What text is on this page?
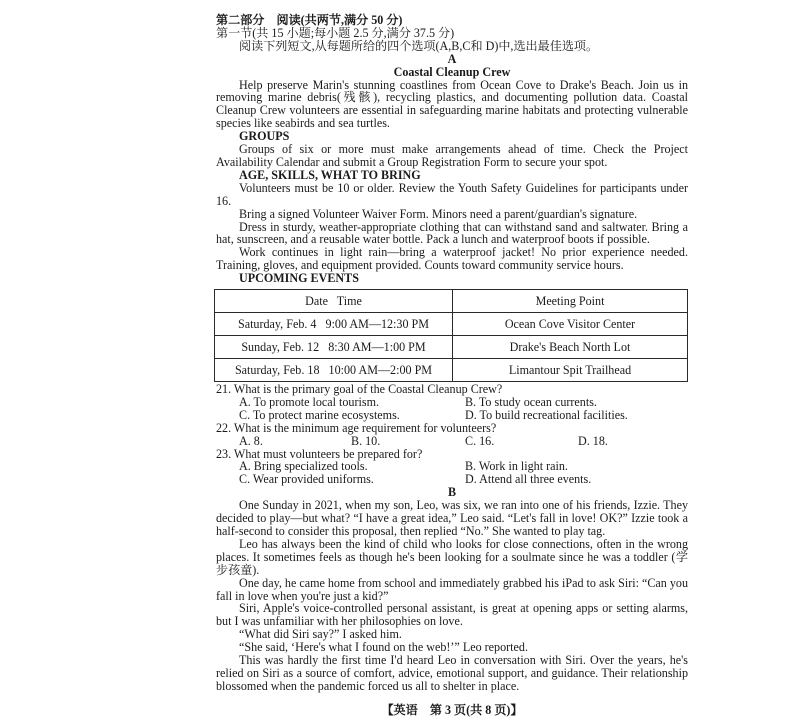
第二部分　阅读(共两节,满分 50 分)
第一节(共 15 小题;每小题 2.5 分,满分 37.5 分)
阅读下列短文,从每题所给的四个选项(A,B,C和 D)中,选出最佳选项。
A
Coastal Cleanup Crew

Help preserve Marin's stunning coastlines from Ocean Cove to Drake's Beach. Join us in removing marine debris(残骸), recycling plastics, and documenting pollution data. Coastal Cleanup Crew volunteers are essential in safeguarding marine habitats and protecting vulnerable species like seabirds and sea turtles.

GROUPS

Groups of six or more must make arrangements ahead of time. Check the Project Availability Calendar and submit a Group Registration Form to secure your spot.

AGE, SKILLS, WHAT TO BRING

Volunteers must be 10 or older. Review the Youth Safety Guidelines for participants under 16.

Bring a signed Volunteer Waiver Form. Minors need a parent/guardian's signature.

Dress in sturdy, weather-appropriate clothing that can withstand sand and saltwater. Bring a hat, sunscreen, and a reusable water bottle. Pack a lunch and waterproof boots if possible.

Work continues in light rain—bring a waterproof jacket! No prior experience needed. Training, gloves, and equipment provided. Counts toward community service hours.

UPCOMING EVENTS
Date   Time	Meeting Point
Saturday, Feb. 4   9:00 AM—12:30 PM	Ocean Cove Visitor Center
Sunday, Feb. 12   8:30 AM—1:00 PM	Drake's Beach North Lot
Saturday, Feb. 18   10:00 AM—2:00 PM	Limantour Spit Trailhead
21. What is the primary goal of the Coastal Cleanup Crew?
A. To promote local tourism.	B. To study ocean currents.
C. To protect marine ecosystems.	D. To build recreational facilities.
22. What is the minimum age requirement for volunteers?
A. 8.	B. 10.	C. 16.	D. 18.
23. What must volunteers be prepared for?
A. Bring specialized tools.	B. Work in light rain.
C. Wear provided uniforms.	D. Attend all three events.
B

One Sunday in 2021, when my son, Leo, was six, we ran into one of his friends, Izzie. They decided to play—but what? “I have a great idea,” Leo said. “Let's fall in love! OK?” Izzie took a half-second to consider this proposal, then replied “No.” She wanted to play tag.

Leo has always been the kind of child who looks for close connections, often in the wrong places. It sometimes feels as though he's been looking for a soulmate since he was a toddler (学步孩童).

One day, he came home from school and immediately grabbed his iPad to ask Siri: “Can you fall in love when you're just a kid?”

Siri, Apple's voice-controlled personal assistant, is great at opening apps or setting alarms, but I was unfamiliar with her philosophies on love.

“What did Siri say?” I asked him.

“She said, ‘Here's what I found on the web!’” Leo reported.

This was hardly the first time I'd heard Leo in conversation with Siri. Over the years, he's relied on Siri as a source of comfort, advice, emotional support, and guidance. Their relationship blossomed when the pandemic forced us all to shelter in place.

【英语　第 3 页(共 8 页)】
